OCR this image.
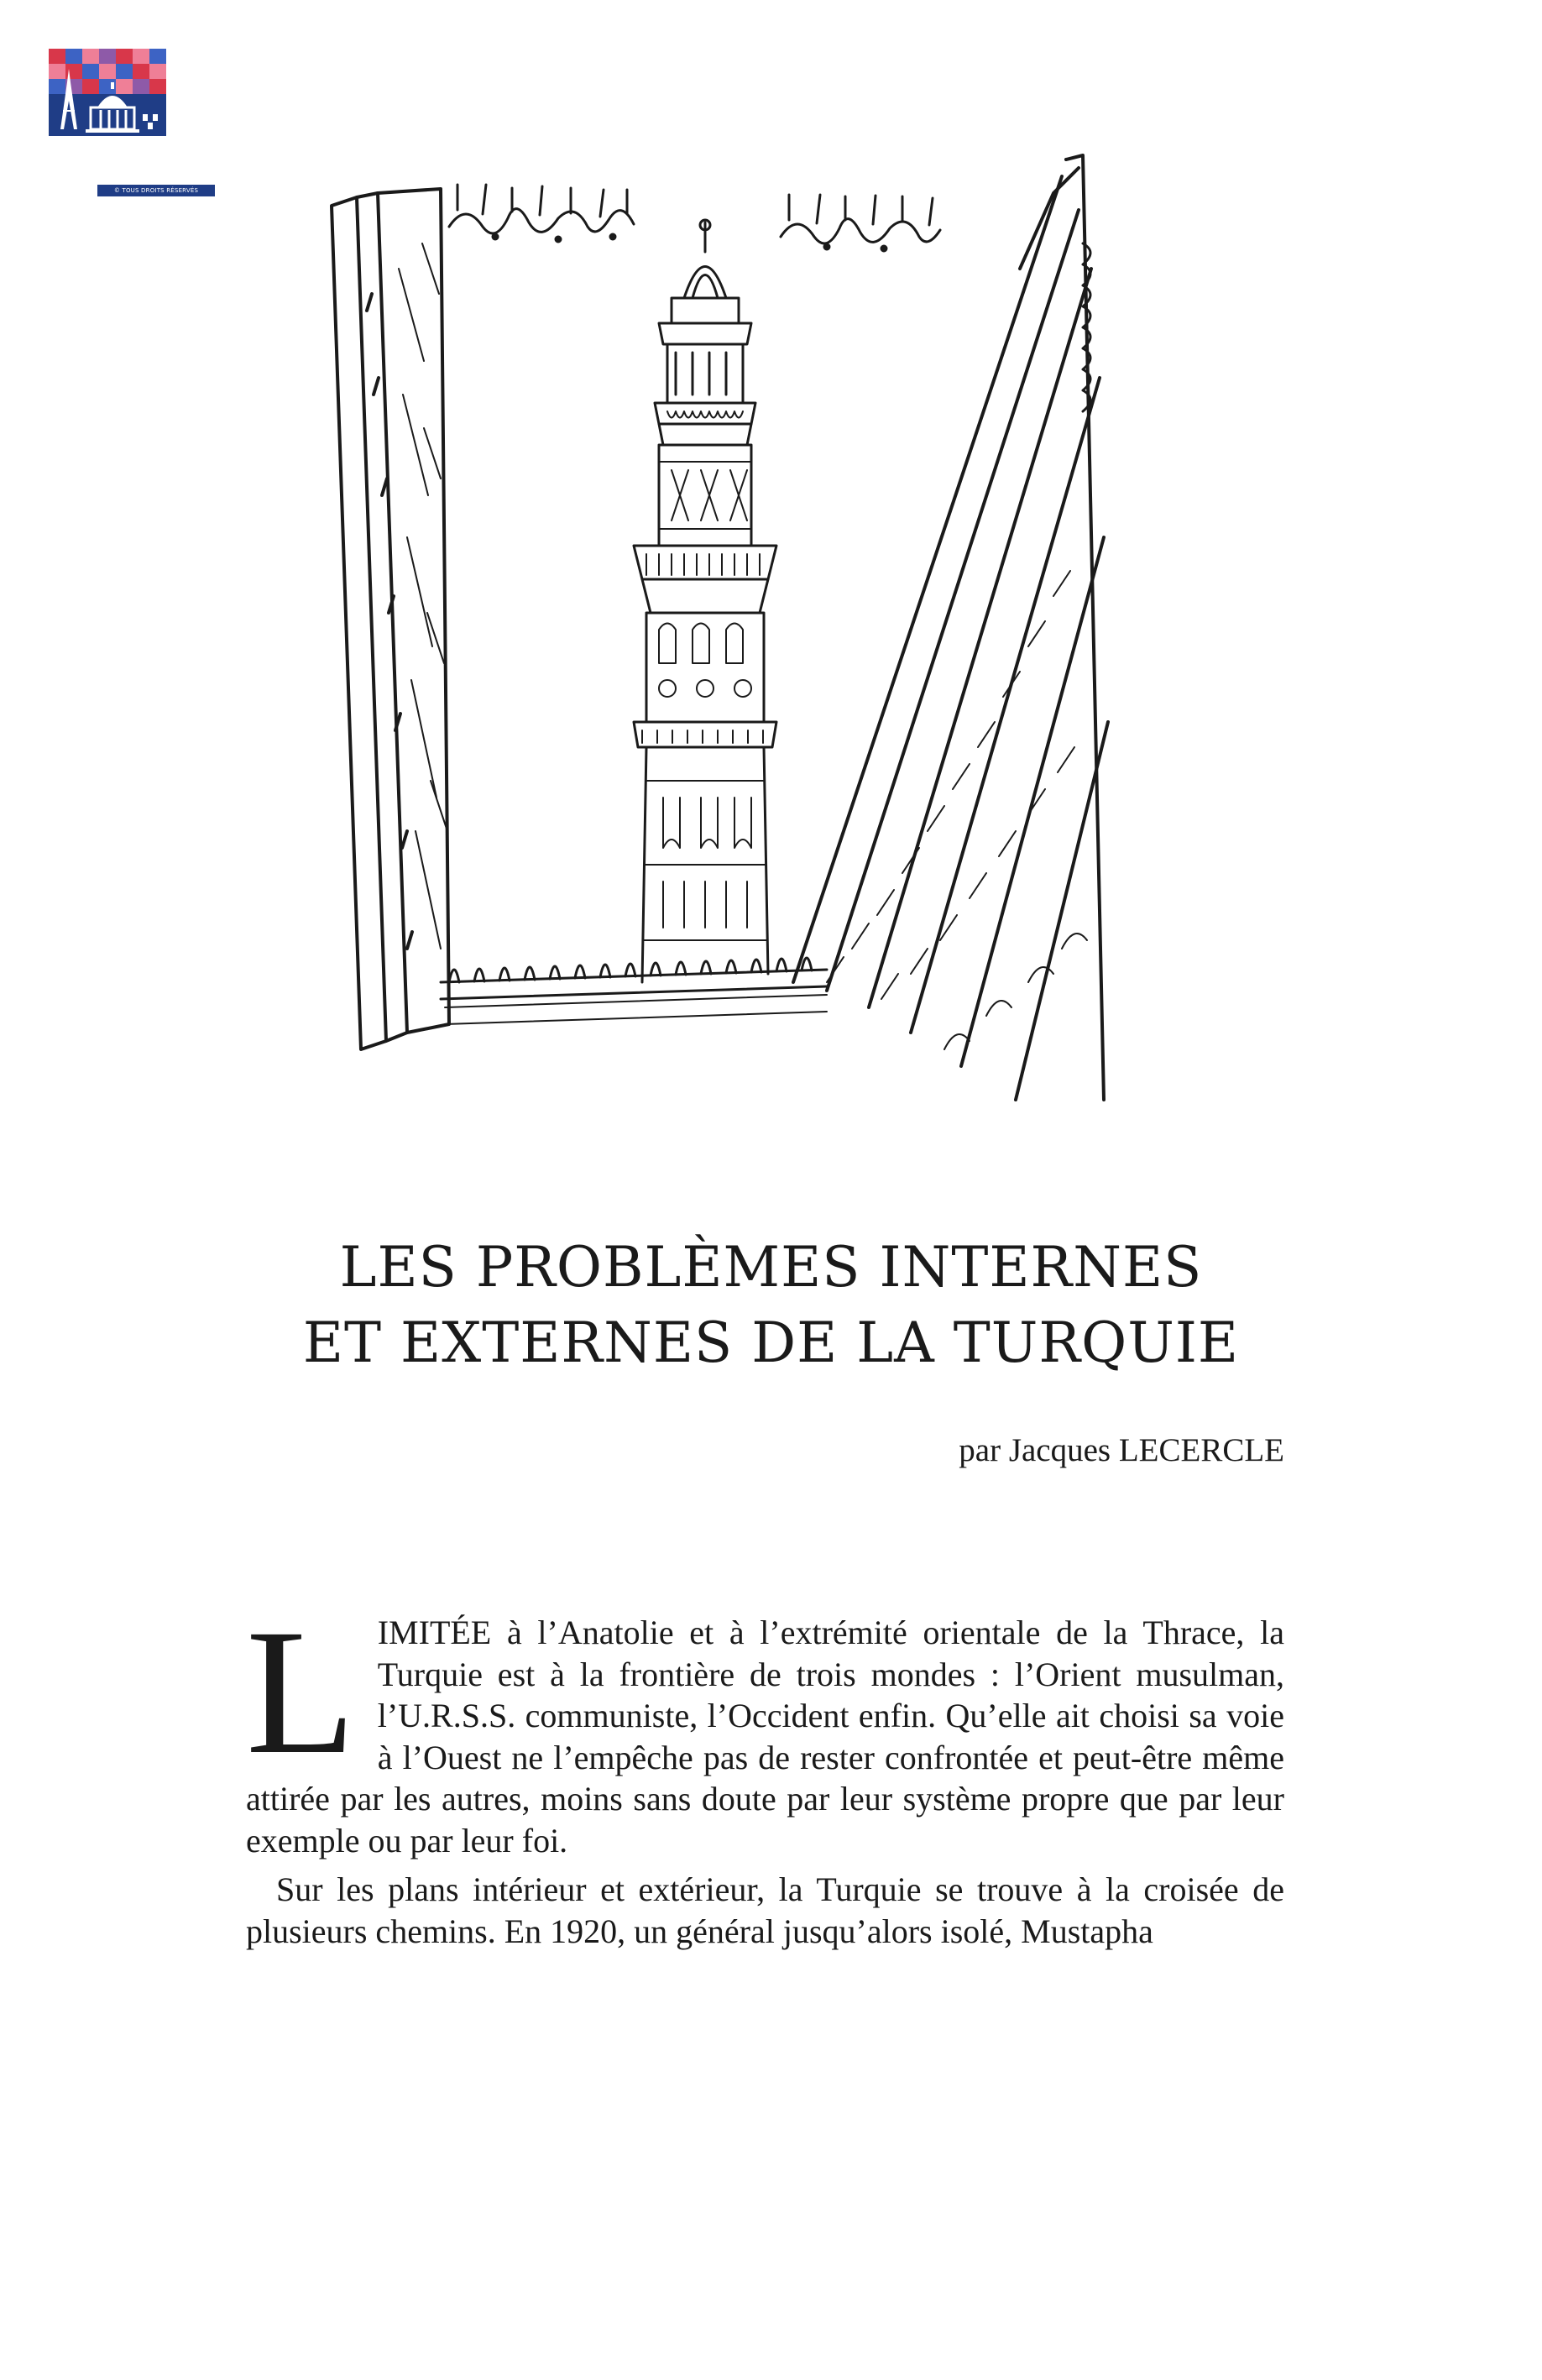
© TOUS DROITS RÉSERVÉS
LES PROBLÈMES INTERNES
ET EXTERNES DE LA TURQUIE
par Jacques LECERCLE

LIMITÉE à l’Anatolie et à l’extrémité orientale de la Thrace, la Turquie est à la frontière de trois mondes : l’Orient musulman, l’U.R.S.S. communiste, l’Occident enfin. Qu’elle ait choisi sa voie à l’Ouest ne l’empêche pas de rester confrontée et peut-être même attirée par les autres, moins sans doute par leur système propre que par leur exemple ou par leur foi.

Sur les plans intérieur et extérieur, la Turquie se trouve à la croisée de plusieurs chemins. En 1920, un général jusqu’alors isolé, Mustapha
